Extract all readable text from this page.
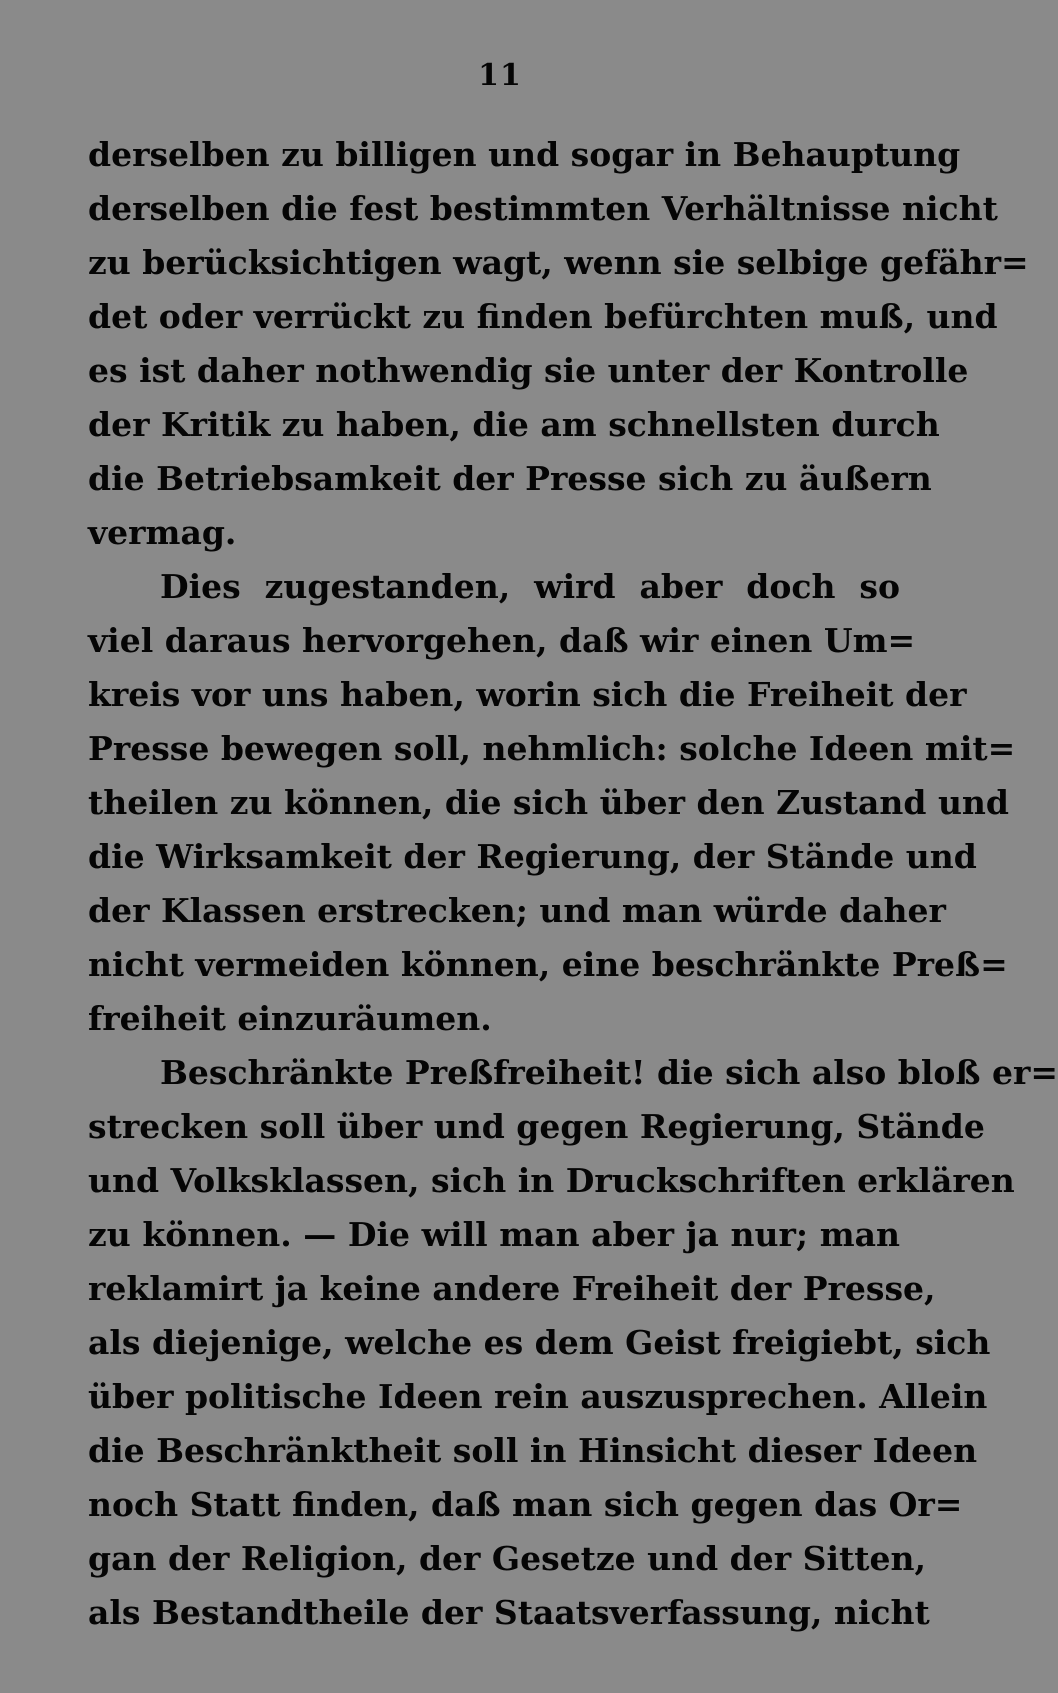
11
derselben zu billigen und sogar in Behauptung
derselben die fest bestimmten Verhältnisse nicht
zu berücksichtigen wagt, wenn sie selbige gefähr=
det oder verrückt zu finden befürchten muß, und
es ist daher nothwendig sie unter der Kontrolle
der Kritik zu haben, die am schnellsten durch
die Betriebsamkeit der Presse sich zu äußern
vermag.
Dies zugestanden, wird aber doch so
viel daraus hervorgehen, daß wir einen Um=
kreis vor uns haben, worin sich die Freiheit der
Presse bewegen soll, nehmlich: solche Ideen mit=
theilen zu können, die sich über den Zustand und
die Wirksamkeit der Regierung, der Stände und
der Klassen erstrecken; und man würde daher
nicht vermeiden können, eine beschränkte Preß=
freiheit einzuräumen.
Beschränkte Preßfreiheit! die sich also bloß er=
strecken soll über und gegen Regierung, Stände
und Volksklassen, sich in Druckschriften erklären
zu können. — Die will man aber ja nur; man
reklamirt ja keine andere Freiheit der Presse,
als diejenige, welche es dem Geist freigiebt, sich
über politische Ideen rein auszusprechen. Allein
die Beschränktheit soll in Hinsicht dieser Ideen
noch Statt finden, daß man sich gegen das Or=
gan der Religion, der Gesetze und der Sitten,
als Bestandtheile der Staatsverfassung, nicht
